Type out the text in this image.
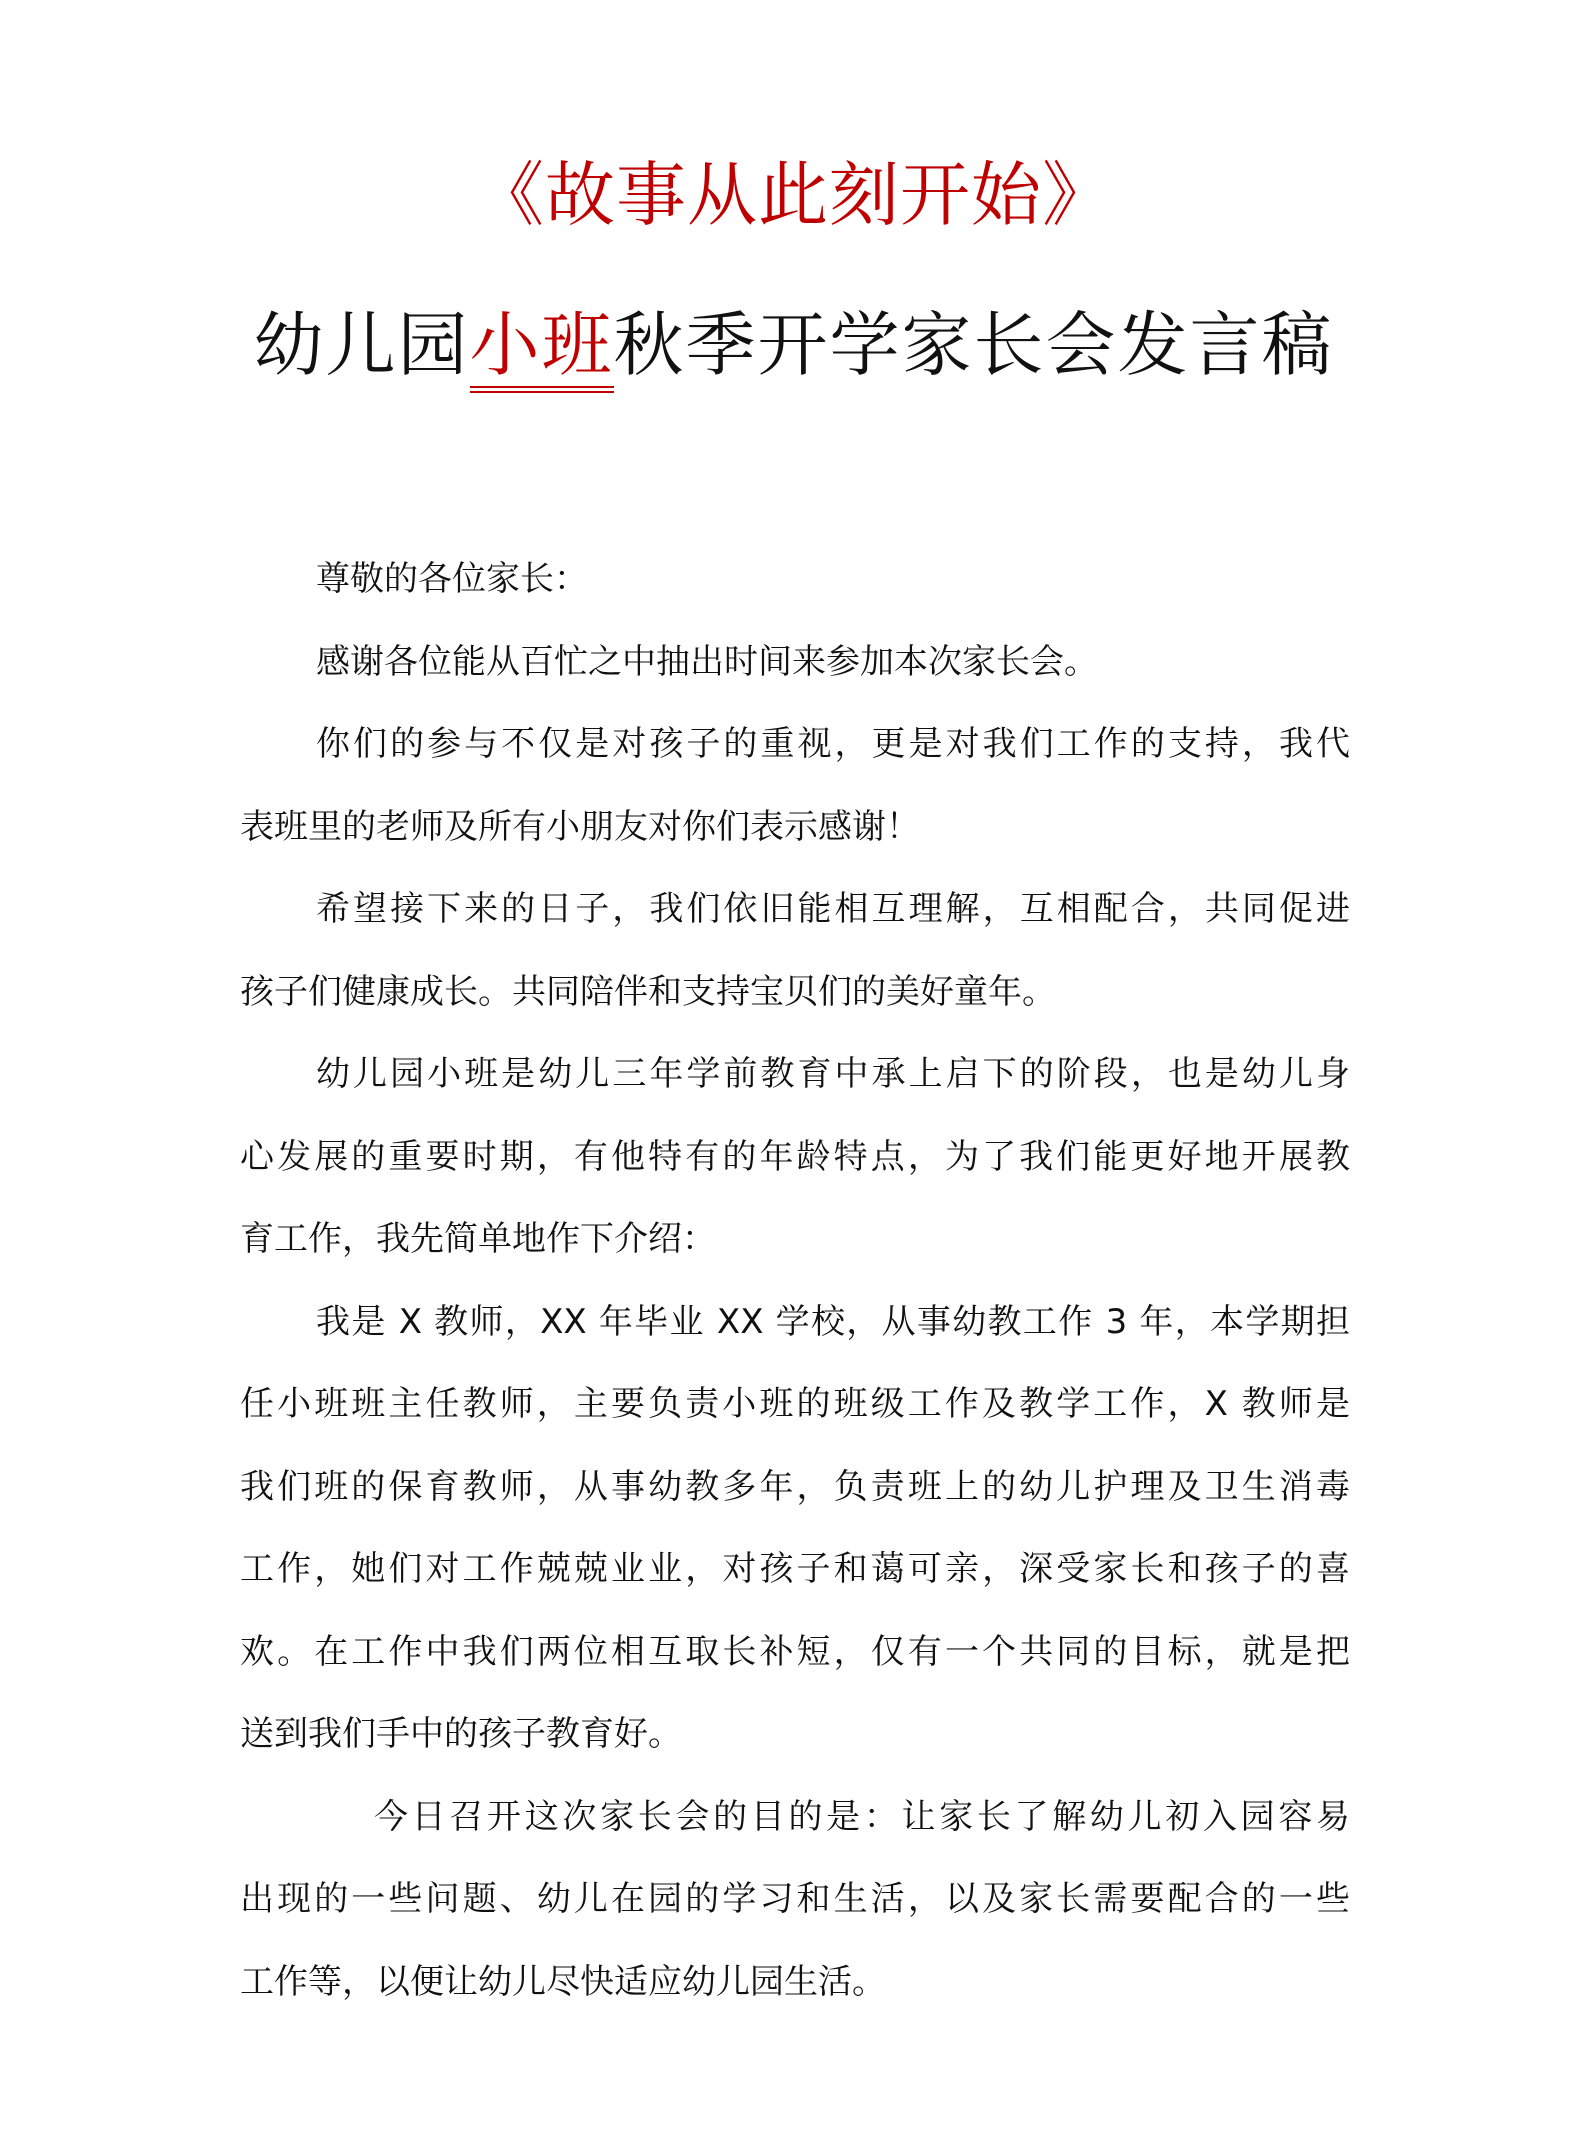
《故事从此刻开始》
幼儿园小班秋季开学家长会发言稿
尊敬的各位家长：
感谢各位能从百忙之中抽出时间来参加本次家长会。
你们的参与不仅是对孩子的重视，更是对我们工作的支持，我代
表班里的老师及所有小朋友对你们表示感谢！
希望接下来的日子，我们依旧能相互理解，互相配合，共同促进
孩子们健康成长。共同陪伴和支持宝贝们的美好童年。
幼儿园小班是幼儿三年学前教育中承上启下的阶段，也是幼儿身
心发展的重要时期，有他特有的年龄特点，为了我们能更好地开展教
育工作，我先简单地作下介绍：
我是 X 教师，XX 年毕业 XX 学校，从事幼教工作 3 年，本学期担
任小班班主任教师，主要负责小班的班级工作及教学工作，X 教师是
我们班的保育教师，从事幼教多年，负责班上的幼儿护理及卫生消毒
工作，她们对工作兢兢业业，对孩子和蔼可亲，深受家长和孩子的喜
欢。在工作中我们两位相互取长补短，仅有一个共同的目标，就是把
送到我们手中的孩子教育好。
今日召开这次家长会的目的是：让家长了解幼儿初入园容易
出现的一些问题、幼儿在园的学习和生活，以及家长需要配合的一些
工作等，以便让幼儿尽快适应幼儿园生活。
